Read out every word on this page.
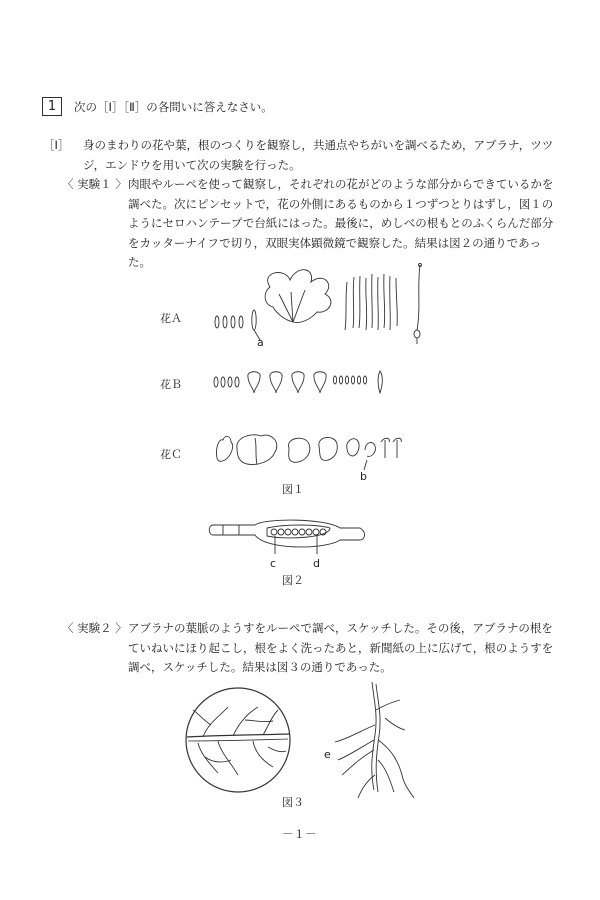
1	次の［Ⅰ］［Ⅱ］の各問いに答えなさい。
［Ⅰ］ 身のまわりの花や葉，根のつくりを観察し，共通点やちがいを調べるため，アブラナ，ツツジ，エンドウを用いて次の実験を行った。
〈 実験１ 〉 肉眼やルーペを使って観察し，それぞれの花がどのような部分からできているかを調べた。次にピンセットで，花の外側にあるものから１つずつとりはずし，図１のようにセロハンテープで台紙にはった。最後に，めしべの根もとのふくらんだ部分をカッターナイフで切り，双眼実体顕微鏡で観察した。結果は図２の通りであった。
花Ａ
花Ｂ
花Ｃ
a
b
図１
c	d
図２
〈 実験２ 〉 アブラナの葉脈のようすをルーペで調べ，スケッチした。その後，アブラナの根をていねいにほり起こし，根をよく洗ったあと，新聞紙の上に広げて，根のようすを調べ，スケッチした。結果は図３の通りであった。
e
図３
－１－
